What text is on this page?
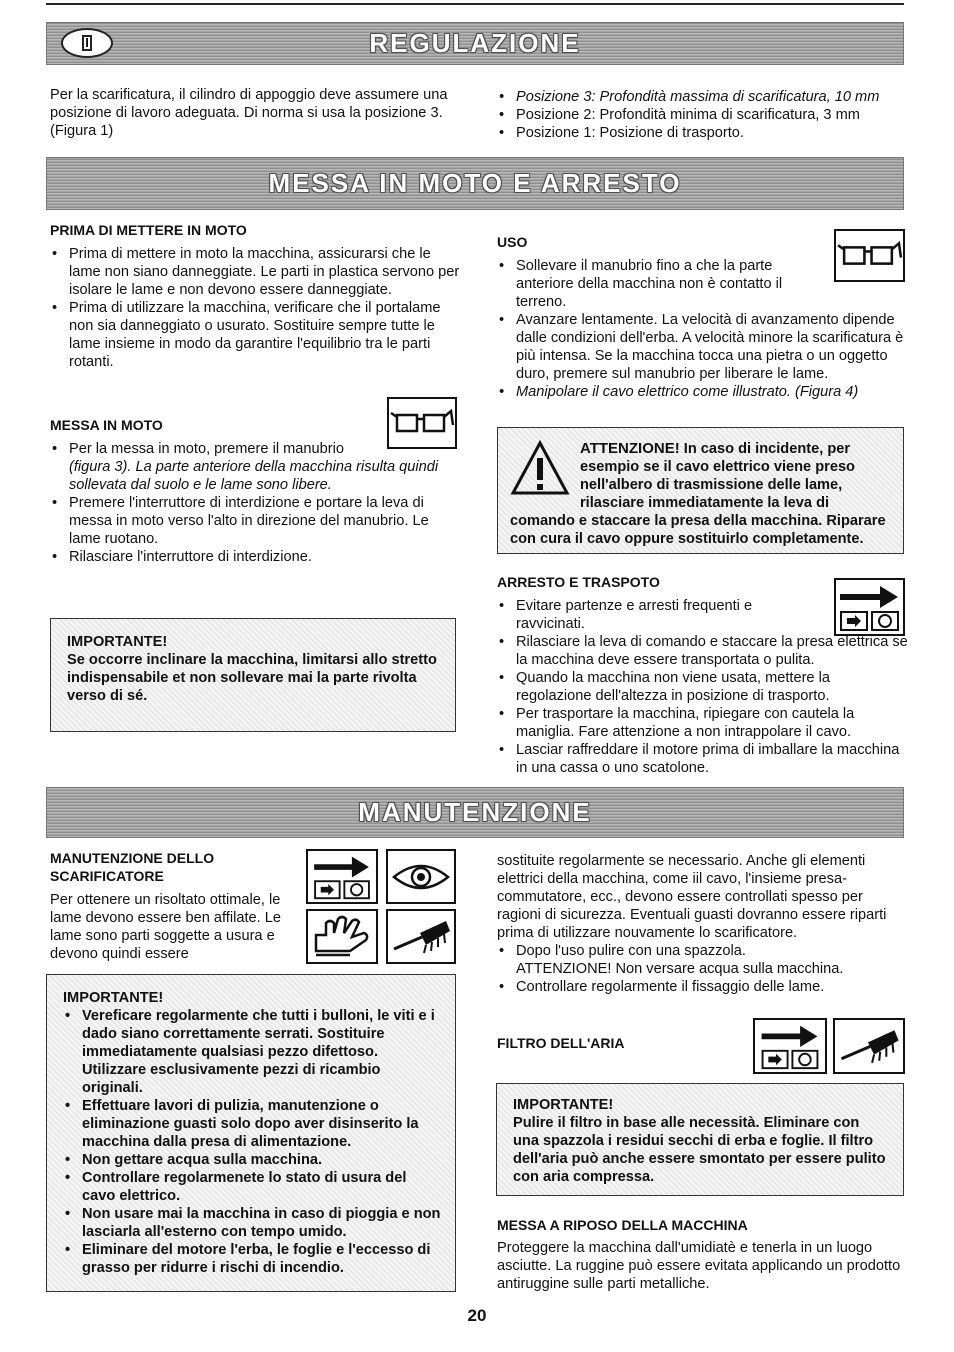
I	REGULAZIONE

Per la scarificatura, il cilindro di appoggio deve assumere una posizione di lavoro adeguata. Di norma si usa la posizione 3. (Figura 1)

• Posizione 3: Profondità massima di scarificatura, 10 mm
• Posizione 2: Profondità minima di scarificatura, 3 mm
• Posizione 1: Posizione di trasporto.
MESSA IN MOTO E ARRESTO

PRIMA DI METTERE IN MOTO

• Prima di mettere in moto la macchina, assicurarsi che le lame non siano danneggiate. Le parti in plastica servono per isolare le lame e non devono essere danneggiate.
• Prima di utilizzare la macchina, verificare che il portalame non sia danneggiato o usurato. Sostituire sempre tutte le lame insieme in modo da garantire l'equilibrio tra le parti rotanti.

MESSA IN MOTO

• Per la messa in moto, premere il manubrio
(figura 3). La parte anteriore della macchina risulta quindi sollevata dal suolo e le lame sono libere.
• Premere l'interruttore di interdizione e portare la leva di messa in moto verso l'alto in direzione del manubrio. Le lame ruotano.
• Rilasciare l'interruttore di interdizione.

IMPORTANTE!

Se occorre inclinare la macchina, limitarsi allo stretto indispensabile et non sollevare mai la parte rivolta verso di sé.

USO

• Sollevare il manubrio fino a che la parte anteriore della macchina non è contatto il terreno.
• Avanzare lentamente. La velocità di avanzamento dipende dalle condizioni dell'erba. A velocità minore la scarificatura è più intensa. Se la macchina tocca una pietra o un oggetto duro, premere sul manubrio per liberare le lame.
• Manipolare il cavo elettrico come illustrato. (Figura 4)
ATTENZIONE! In caso di incidente, per esempio se il cavo elettrico viene preso nell'albero di trasmissione delle lame, rilasciare immediatamente la leva di comando e staccare la presa della macchina. Riparare con cura il cavo oppure sostituirlo completamente.

ARRESTO E TRASPOTO

• Evitare partenze e arresti frequenti e ravvicinati.
• Rilasciare la leva di comando e staccare la presa elettrica se la macchina deve essere transportata o pulita.
• Quando la macchina non viene usata, mettere la regolazione dell'altezza in posizione di trasporto.
• Per trasportare la macchina, ripiegare con cautela la maniglia. Fare attenzione a non intrappolare il cavo.
• Lasciar raffreddare il motore prima di imballare la macchina in una cassa o uno scatolone.
MANUTENZIONE

MANUTENZIONE DELLO SCARIFICATORE

Per ottenere un risoltato ottimale, le lame devono essere ben affilate. Le lame sono parti soggette a usura e devono quindi essere

IMPORTANTE!

• Vereficare regolarmente che tutti i bulloni, le viti e i dado siano correttamente serrati. Sostituire immediatamente qualsiasi pezzo difettoso. Utilizzare esclusivamente pezzi di ricambio originali.
• Effettuare lavori di pulizia, manutenzione o eliminazione guasti solo dopo aver disinserito la macchina dalla presa di alimentazione.
• Non gettare acqua sulla macchina.
• Controllare regolarmenete lo stato di usura del cavo elettrico.
• Non usare mai la macchina in caso di pioggia e non lasciarla all'esterno con tempo umido.
• Eliminare del motore l'erba, le foglie e l'eccesso di grasso per ridurre i rischi di incendio.

sostituite regolarmente se necessario. Anche gli elementi elettrici della macchina, come iil cavo, l'insieme presa-commutatore, ecc., devono essere controllati spesso per ragioni di sicurezza. Eventuali guasti dovranno essere riparti prima di utilizzare nouvamente lo scarificatore.

• Dopo l'uso pulire con una spazzola.
ATTENZIONE! Non versare acqua sulla macchina.
• Controllare regolarmente il fissaggio delle lame.

FILTRO DELL'ARIA

IMPORTANTE!

Pulire il filtro in base alle necessità. Eliminare con una spazzola i residui secchi di erba e foglie. Il filtro dell'aria può anche essere smontato per essere pulito con aria compressa.

MESSA A RIPOSO DELLA MACCHINA

Proteggere la macchina dall'umidiatè e tenerla in un luogo asciutte. La ruggine può essere evitata applicando un prodotto antiruggine sulle parti metalliche.

20
